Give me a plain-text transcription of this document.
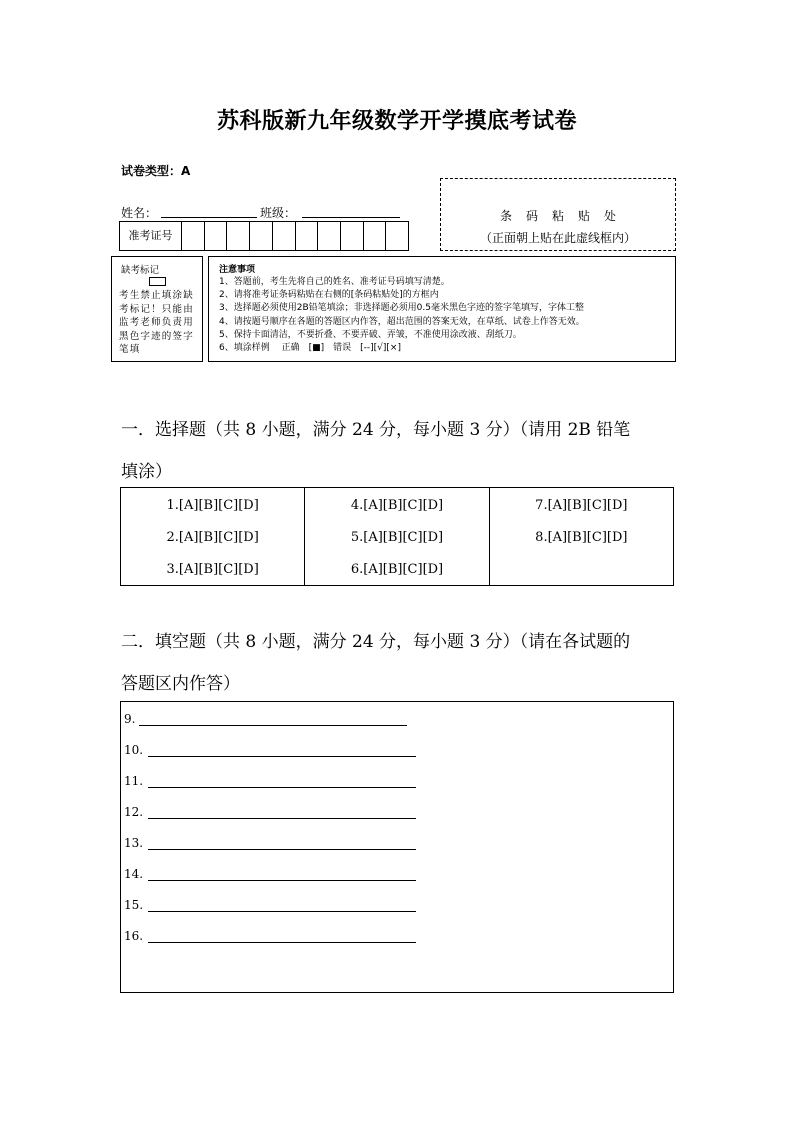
苏科版新九年级数学开学摸底考试卷
试卷类型：A
姓名：	班级：
准考证号
条码粘贴处
（正面朝上贴在此虚线框内）
缺考标记
考生禁止填涂缺考标记！只能由监考老师负责用黑色字迹的签字笔填
注意事项
1、答题前，考生先将自己的姓名、准考证号码填写清楚。
2、请将准考证条码粘贴在右侧的[条码粘贴处]的方框内
3、选择题必须使用2B铅笔填涂；非选择题必须用0.5毫米黑色字迹的签字笔填写，字体工整
4、请按题号顺序在各题的答题区内作答，超出范围的答案无效，在草纸、试卷上作答无效。
5、保持卡面清洁，不要折叠、不要弄破、弄皱，不准使用涂改液、刮纸刀。
6、填涂样例　 正确　[■]　错误　[--][√][×]
一．选择题（共 8 小题，满分 24 分，每小题 3 分）（请用 2B 铅笔
填涂）
1.[A][B][C][D]
2.[A][B][C][D]
3.[A][B][C][D]
4.[A][B][C][D]
5.[A][B][C][D]
6.[A][B][C][D]
7.[A][B][C][D]
8.[A][B][C][D]
二．填空题（共 8 小题，满分 24 分，每小题 3 分）（请在各试题的
答题区内作答）
9.
10.
11.
12.
13.
14.
15.
16.
